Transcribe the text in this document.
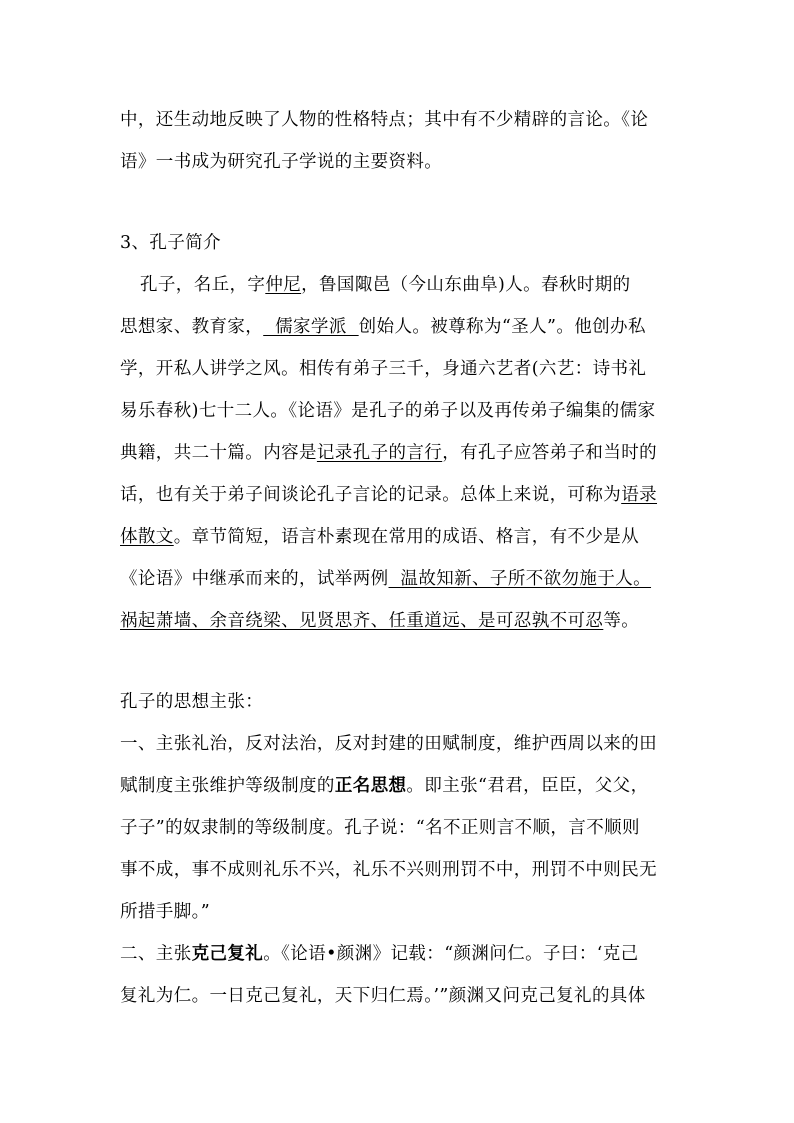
中，还生动地反映了人物的性格特点；其中有不少精辟的言论。《论
语》一书成为研究孔子学说的主要资料。
3、孔子简介
孔子，名丘，字仲尼，鲁国陬邑（今山东曲阜)人。春秋时期的
思想家、教育家，  儒家学派  创始人。被尊称为“圣人”。他创办私
学，开私人讲学之风。相传有弟子三千，身通六艺者(六艺：诗书礼
易乐春秋)七十二人。《论语》是孔子的弟子以及再传弟子编集的儒家
典籍，共二十篇。内容是记录孔子的言行，有孔子应答弟子和当时的
话，也有关于弟子间谈论孔子言论的记录。总体上来说，可称为语录
体散文。章节简短，语言朴素现在常用的成语、格言，有不少是从
《论语》中继承而来的，试举两例  温故知新、子所不欲勿施于人。
祸起萧墙、余音绕梁、见贤思齐、任重道远、是可忍孰不可忍等。
孔子的思想主张：
一、主张礼治，反对法治，反对封建的田赋制度，维护西周以来的田
赋制度主张维护等级制度的正名思想。即主张“君君，臣臣，父父，
子子”的奴隶制的等级制度。孔子说：“名不正则言不顺，言不顺则
事不成，事不成则礼乐不兴，礼乐不兴则刑罚不中，刑罚不中则民无
所措手脚。”
二、主张克己复礼。《论语•颜渊》记载：“颜渊问仁。子曰：‘克己
复礼为仁。一日克己复礼，天下归仁焉。’”颜渊又问克己复礼的具体
